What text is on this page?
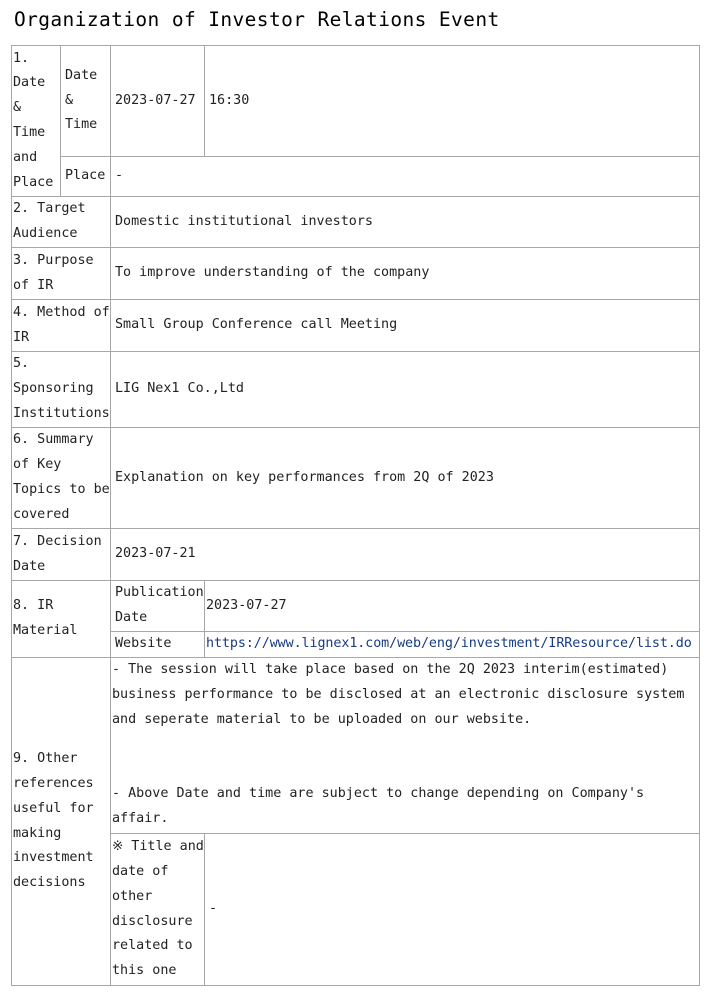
Organization of Investor Relations Event
1. Date & Time and Place	Date & Time	2023-07-27	16:30
	Place	-	
2. Target Audience		Domestic institutional investors	
3. Purpose of IR		To improve understanding of the company	
4. Method of IR		Small Group Conference call Meeting	
5. Sponsoring Institutions		LIG Nex1 Co.,Ltd	
6. Summary of Key Topics to be covered		Explanation on key performances from 2Q of 2023	
7. Decision Date		2023-07-21	
8. IR Material		Publication Date	2023-07-27
		Website	https://www.lignex1.com/web/eng/investment/IRResource/list.do
9. Other references useful for making investment decisions		- The session will take place based on the 2Q 2023 interim(estimated) business performance to be disclosed at an electronic disclosure system and seperate material to be uploaded on our website.

- Above Date and time are subject to change depending on Company's affair.	

		※ Title and date of other disclosure related to this one	-
